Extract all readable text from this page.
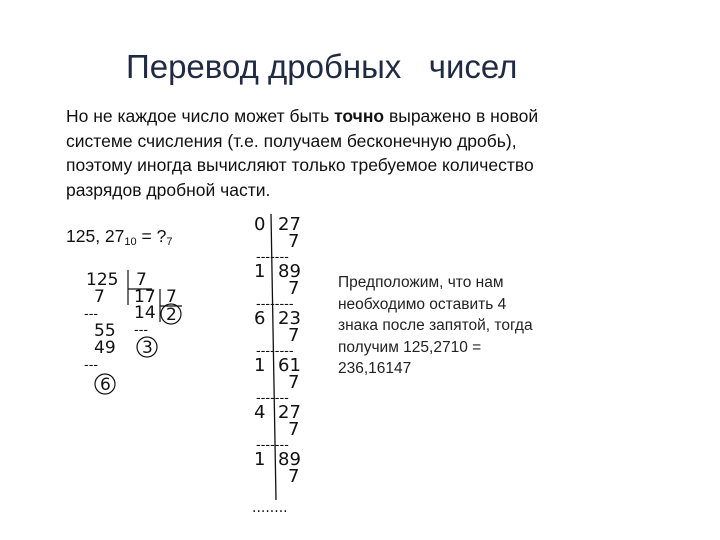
Перевод дробных   чисел
Но не каждое число может быть точно выражено в новой системе счисления (т.е. получаем бесконечную дробь), поэтому иногда вычисляют только требуемое количество разрядов дробной части.
125, $27_{10}$ = $?_7$
125 7
7
---
55
49
---
6
17 7
14
---
3
2
0 27
7
-------
1 89
7
--------
6 23
7
--------
1 61
7
-------
4 27
7
-------
1 89
7
........
Предположим, что нам необходимо оставить 4 знака после запятой, тогда получим 125,2710 = 236,16147
